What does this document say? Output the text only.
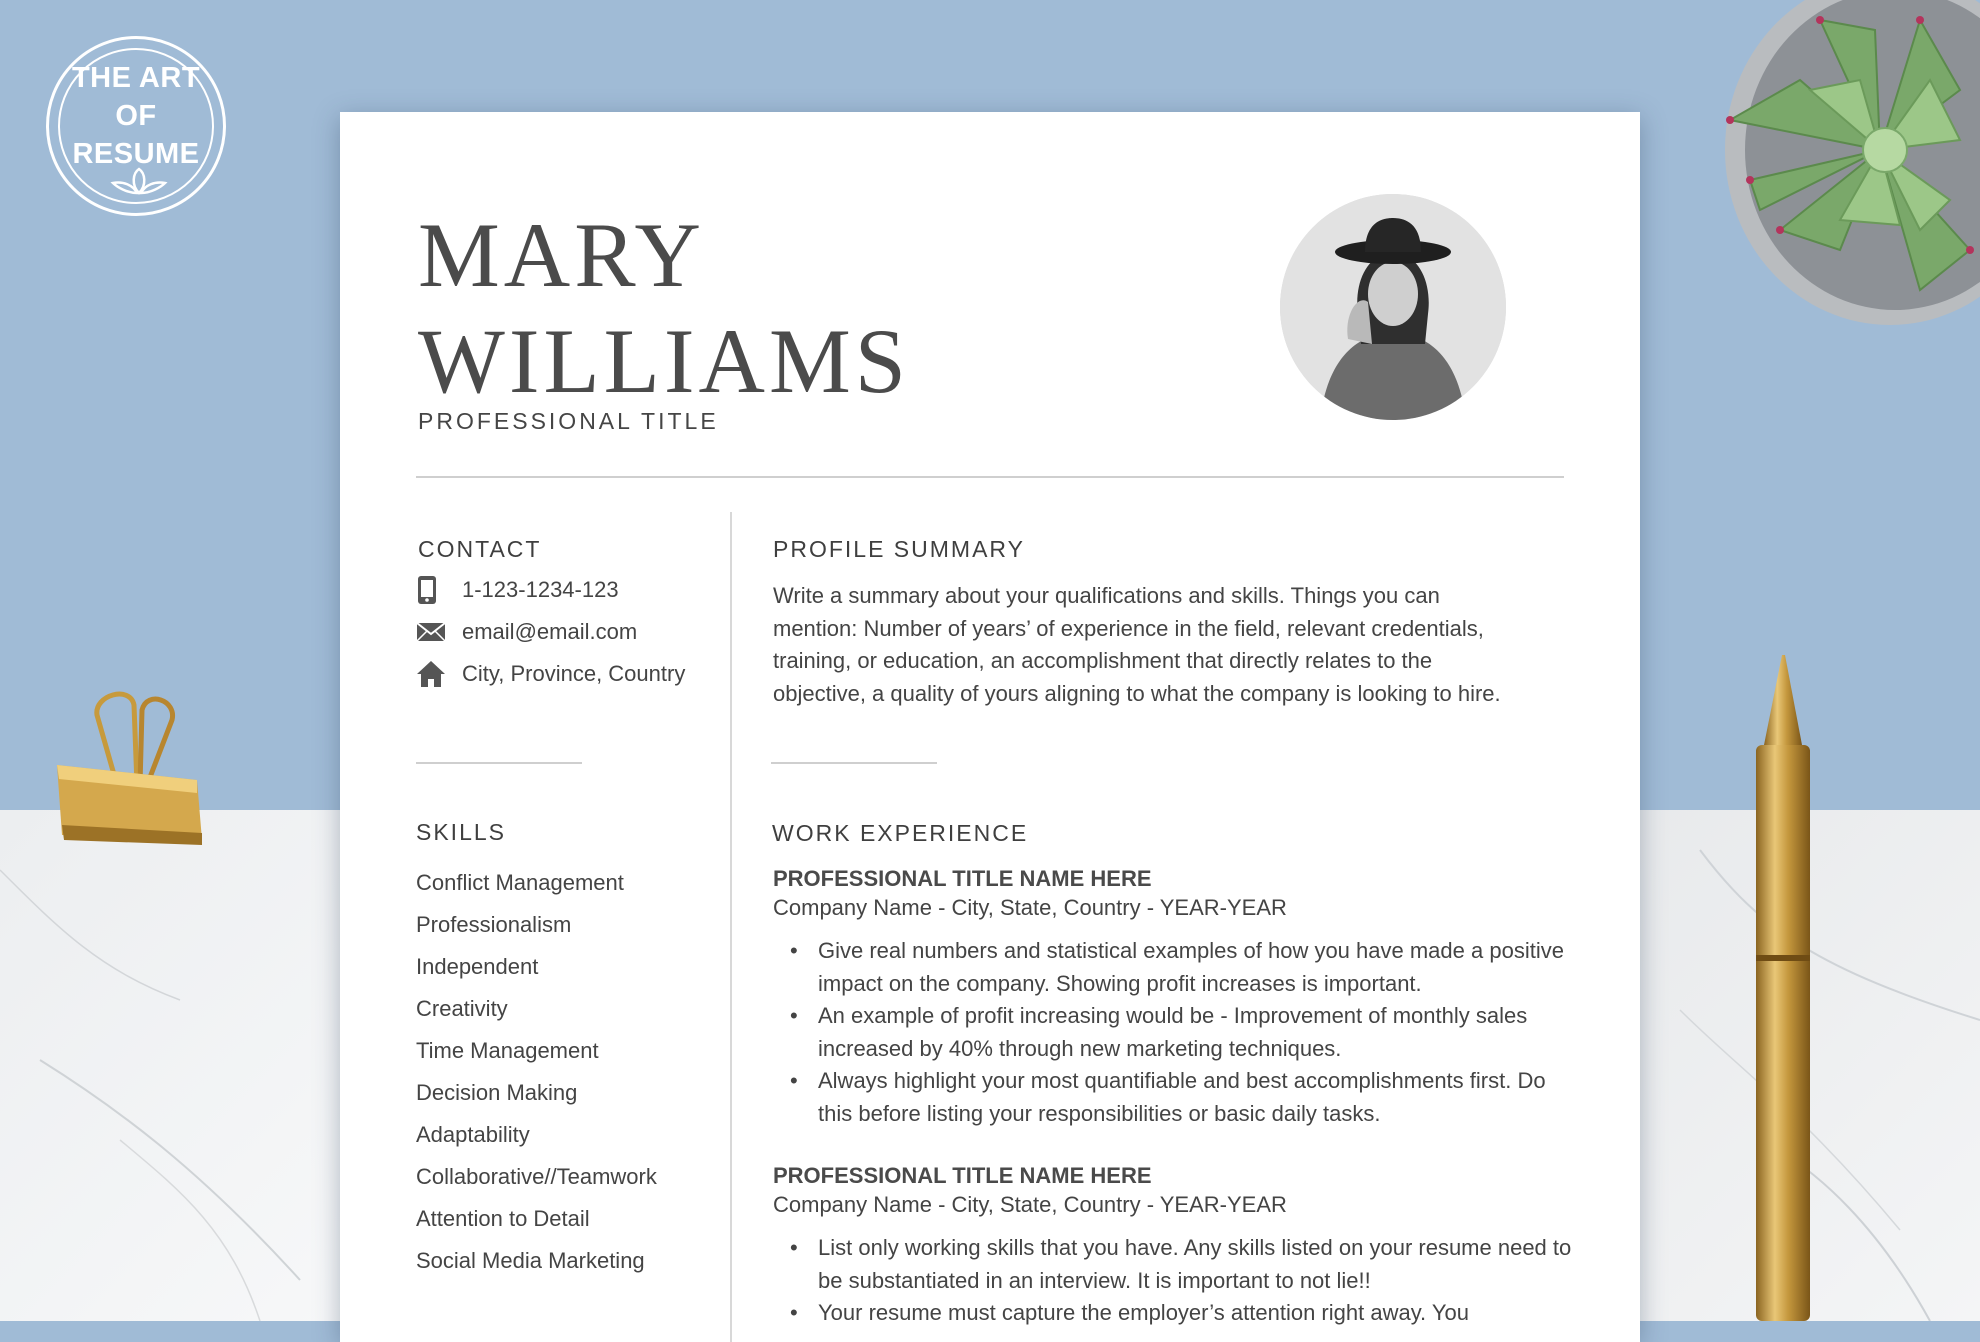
THE ART OF RESUME
MARY
WILLIAMS
PROFESSIONAL TITLE
CONTACT
1-123-1234-123
email@email.com
City, Province, Country
SKILLS
Conflict Management
Professionalism
Independent
Creativity
Time Management
Decision Making
Adaptability
Collaborative//Teamwork
Attention to Detail
Social Media Marketing
PROFILE SUMMARY
Write a summary about your qualifications and skills. Things you can
mention: Number of years’ of experience in the field, relevant credentials,
training, or education, an accomplishment that directly relates to the
objective, a quality of yours aligning to what the company is looking to hire.
WORK EXPERIENCE
PROFESSIONAL TITLE NAME HERE
Company Name - City, State, Country - YEAR-YEAR
• Give real numbers and statistical examples of how you have made a positive impact on the company. Showing profit increases is important.
• An example of profit increasing would be - Improvement of monthly sales increased by 40% through new marketing techniques.
• Always highlight your most quantifiable and best accomplishments first. Do this before listing your responsibilities or basic daily tasks.
PROFESSIONAL TITLE NAME HERE
Company Name - City, State, Country - YEAR-YEAR
• List only working skills that you have. Any skills listed on your resume need to be substantiated in an interview. It is important to not lie!!
• Your resume must capture the employer’s attention right away. You
